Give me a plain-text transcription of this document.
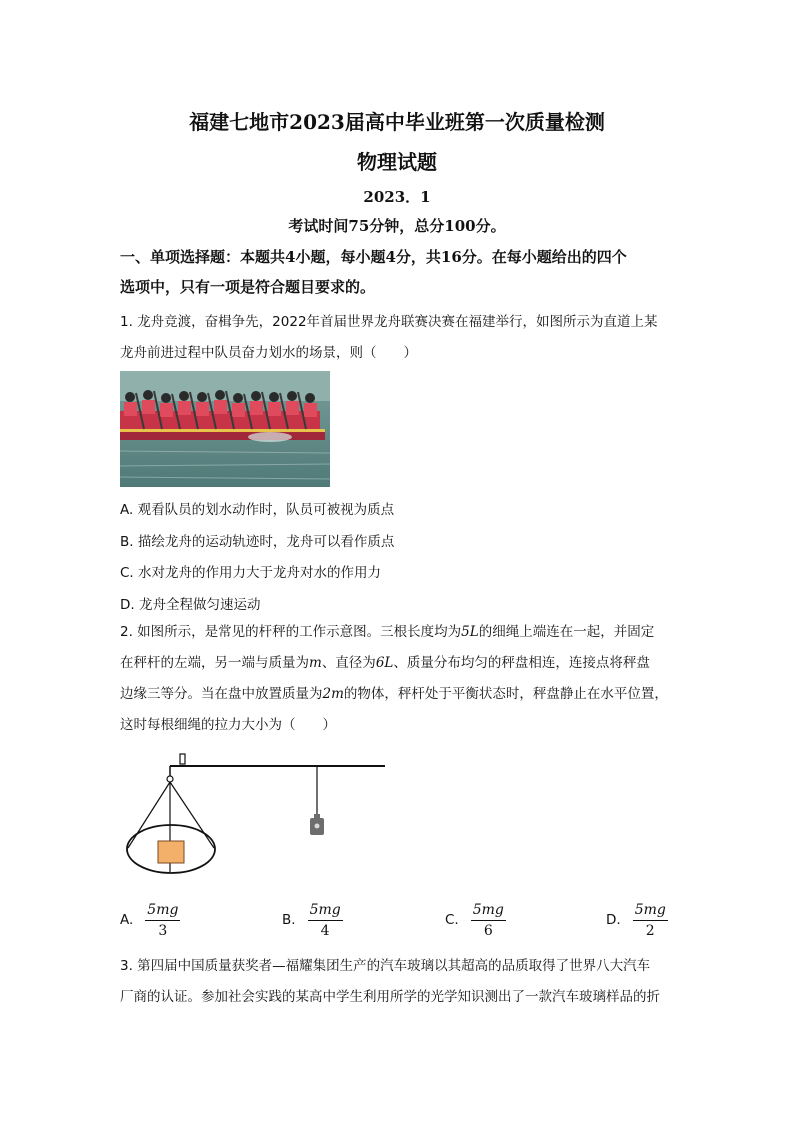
福建七地市2023届高中毕业班第一次质量检测
物理试题
2023．1
考试时间75分钟，总分100分。
一、单项选择题：本题共4小题，每小题4分，共16分。在每小题给出的四个
选项中，只有一项是符合题目要求的。
1. 龙舟竞渡，奋楫争先，2022年首届世界龙舟联赛决赛在福建举行，如图所示为直道上某
龙舟前进过程中队员奋力划水的场景，则（　　）
A. 观看队员的划水动作时，队员可被视为质点
B. 描绘龙舟的运动轨迹时，龙舟可以看作质点
C. 水对龙舟的作用力大于龙舟对水的作用力
D. 龙舟全程做匀速运动
2. 如图所示，是常见的杆秤的工作示意图。三根长度均为5L的细绳上端连在一起，并固定
在秤杆的左端，另一端与质量为m、直径为6L、质量分布均匀的秤盘相连，连接点将秤盘
边缘三等分。当在盘中放置质量为2m的物体，秤杆处于平衡状态时，秤盘静止在水平位置，
这时每根细绳的拉力大小为（　　）
A. $\frac{5mg}{3}$	B. $\frac{5mg}{4}$	C. $\frac{5mg}{6}$	D. $\frac{5mg}{2}$
3. 第四届中国质量获奖者—福耀集团生产的汽车玻璃以其超高的品质取得了世界八大汽车
厂商的认证。参加社会实践的某高中学生利用所学的光学知识测出了一款汽车玻璃样品的折
